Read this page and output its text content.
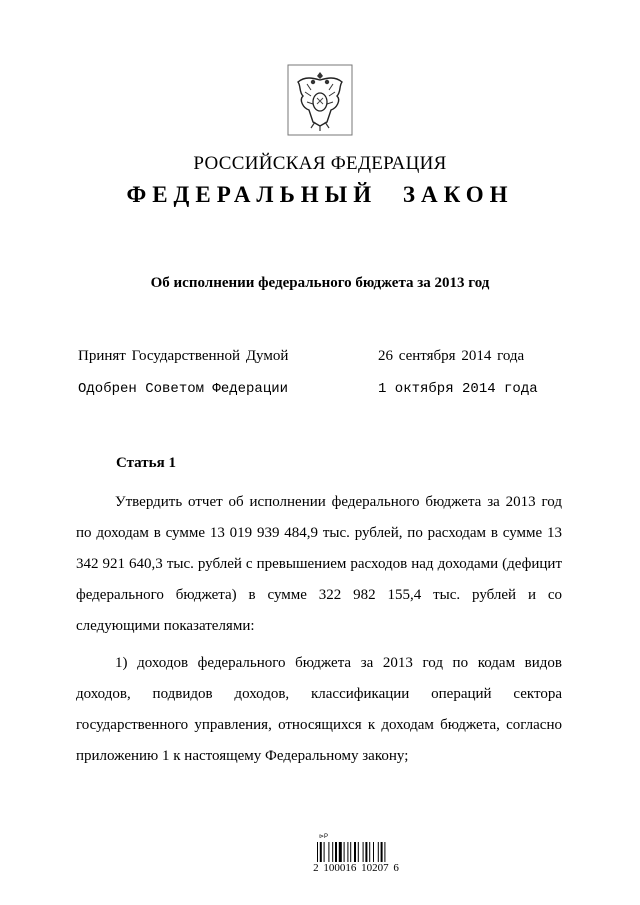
РОССИЙСКАЯ ФЕДЕРАЦИЯ
ФЕДЕРАЛЬНЫЙ ЗАКОН
Об исполнении федерального бюджета за 2013 год
Принят Государственной Думой	26 сентября 2014 года
Одобрен Советом Федерации	1 октября 2014 года
Статья 1

Утвердить отчет об исполнении федерального бюджета за 2013 год по доходам в сумме 13 019 939 484,9 тыс. рублей, по расходам в сумме 13 342 921 640,3 тыс. рублей с превышением расходов над доходами (дефицит федерального бюджета) в сумме 322 982 155,4 тыс. рублей и со следующими показателями:

1) доходов федерального бюджета за 2013 год по кодам видов доходов, подвидов доходов, классификации операций сектора государственного управления, относящихся к доходам бюджета, согласно приложению 1 к настоящему Федеральному закону;

⊳Р
2 100016 10207 6
